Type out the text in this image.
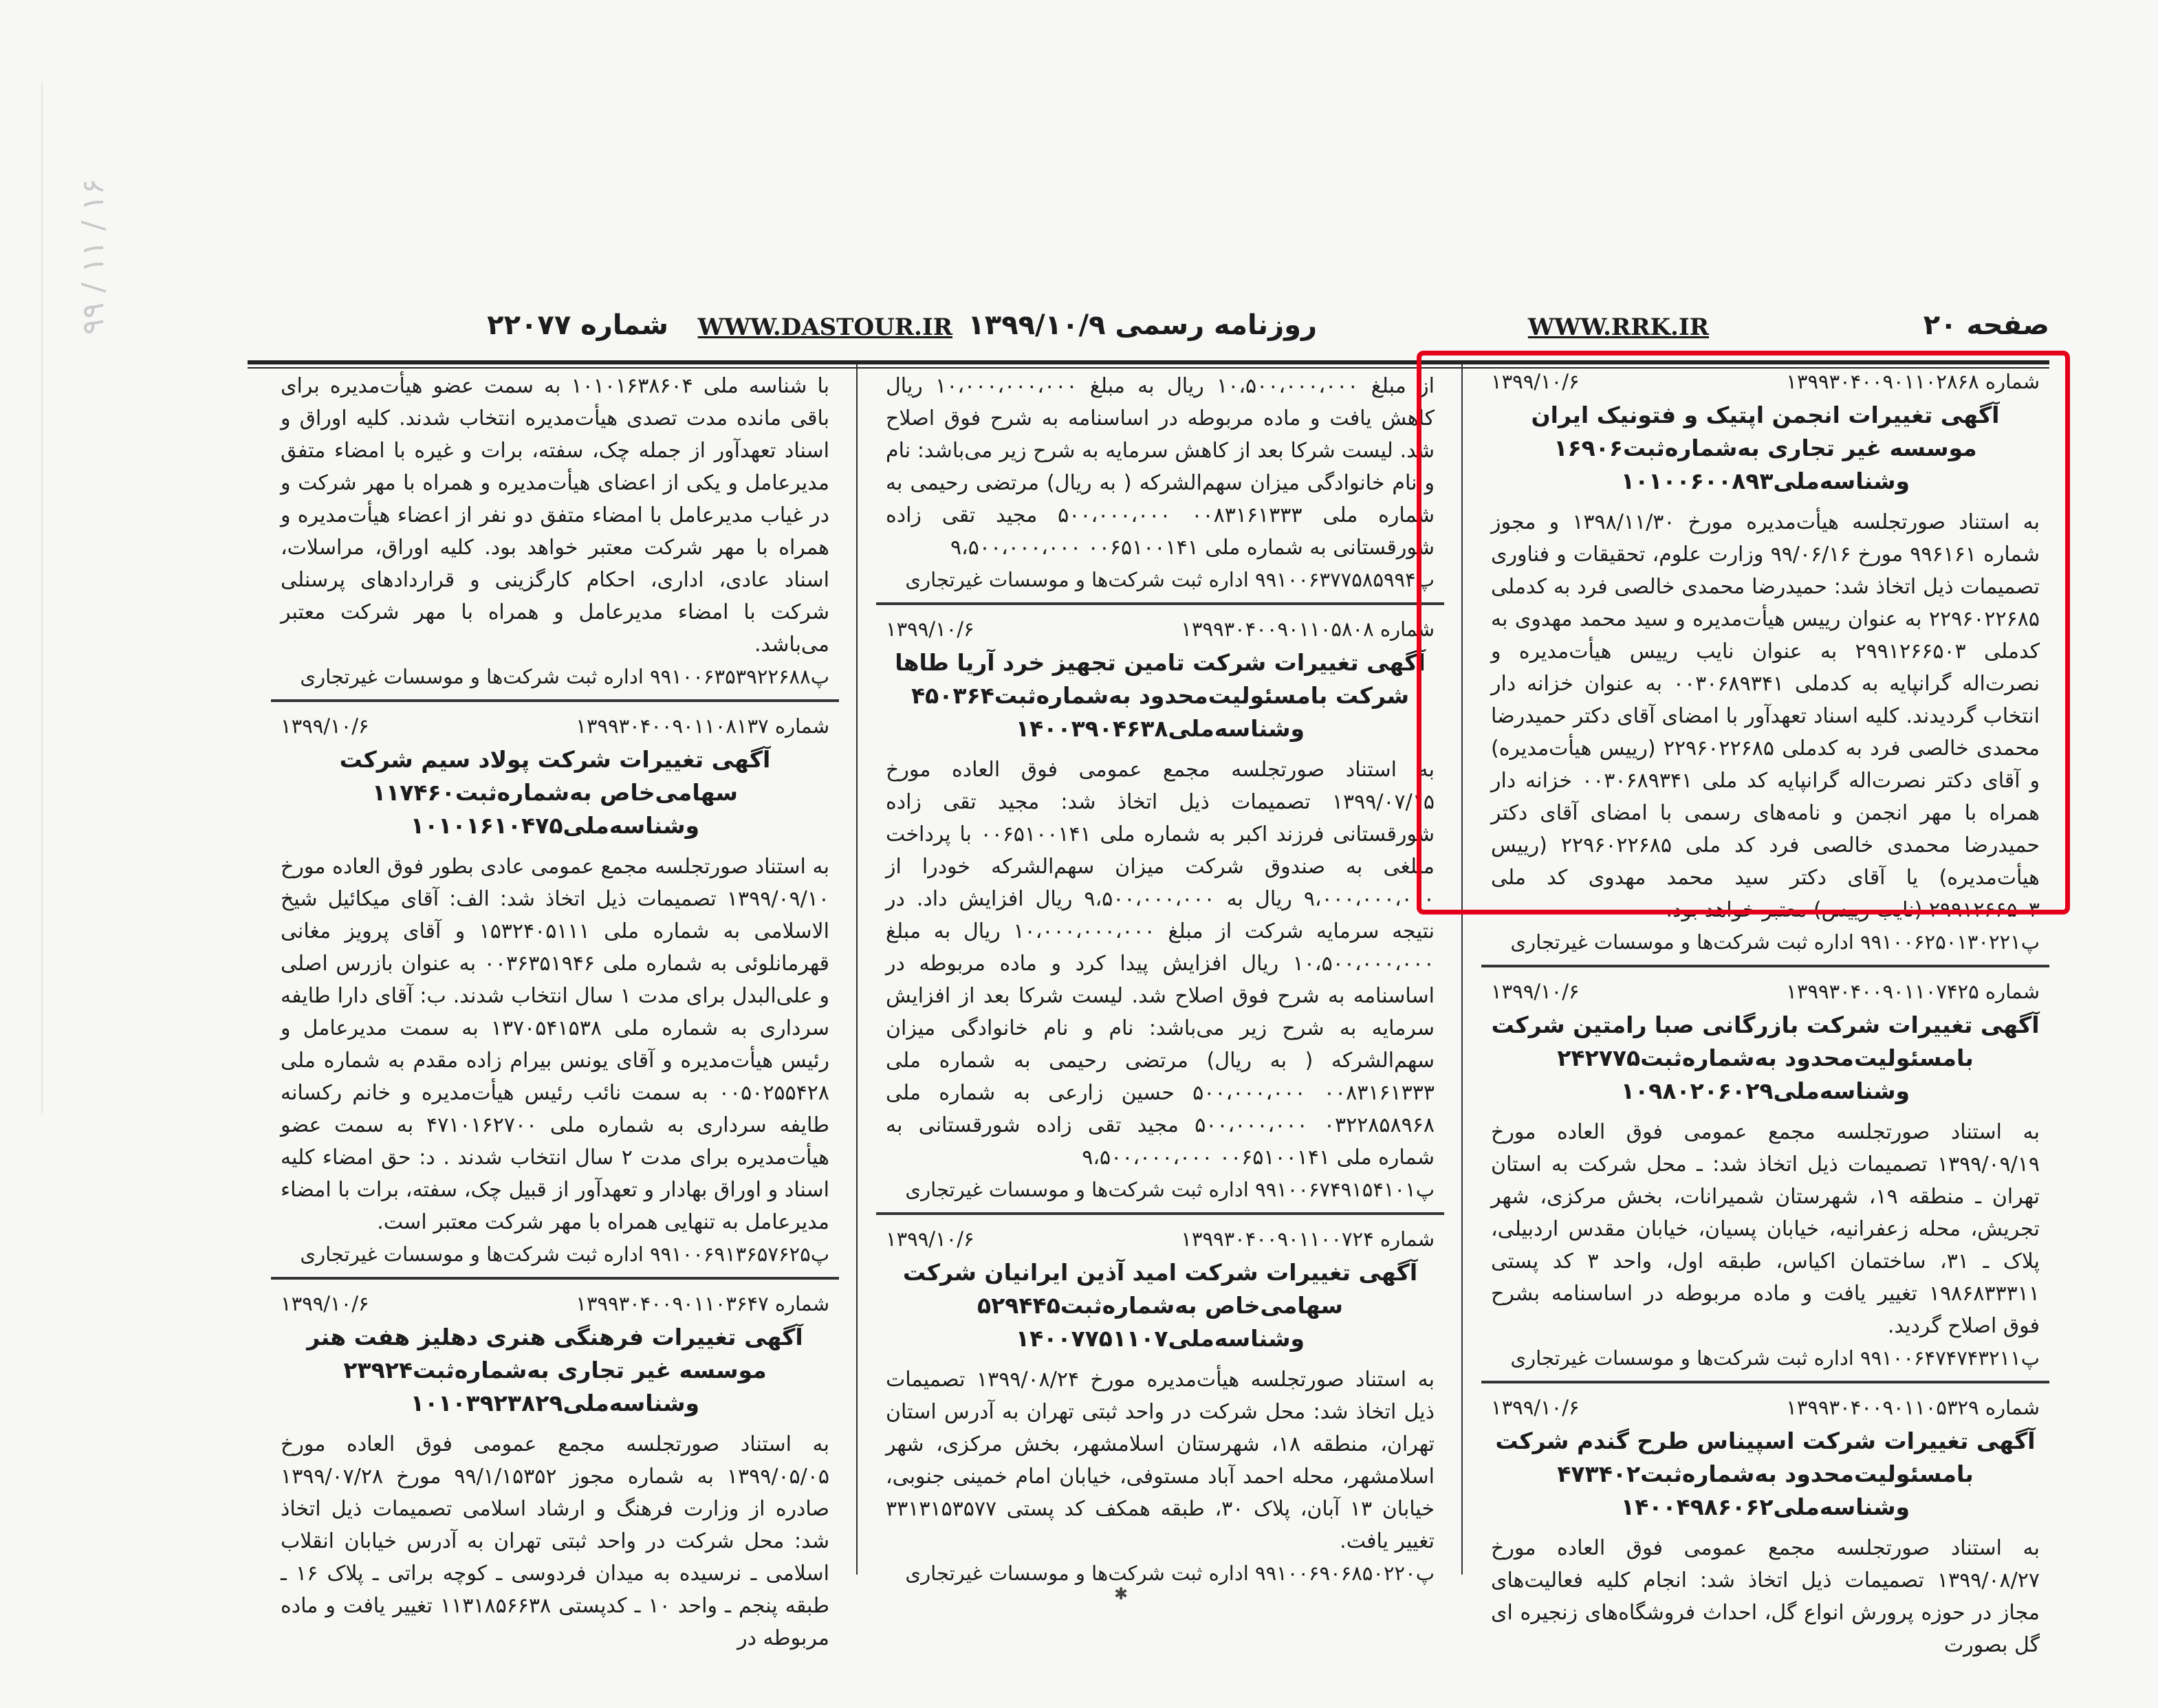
۱۶ / ۱۱ / ۹۹
صفحه ۲۰
WWW.RRK.IR
روزنامه رسمی ۱۳۹۹/۱۰/۹
WWW.DASTOUR.IR
شماره ۲۲۰۷۷
شماره ۱۳۹۹۳۰۴۰۰۹۰۱۱۰۲۸۶۸
۱۳۹۹/۱۰/۶
آگهی تغییرات انجمن اپتیک و فتونیک ایران موسسه غیر تجاری به‌شماره‌ثبت۱۶۹۰۶ وشناسه‌ملی۱۰۱۰۰۶۰۰۸۹۳

به استناد صورتجلسه هیأت‌مدیره مورخ ۱۳۹۸/۱۱/۳۰ و مجوز شماره ۹۹۶۱۶۱ مورخ ۹۹/۰۶/۱۶ وزارت علوم، تحقیقات و فناوری تصمیمات ذیل اتخاذ شد: حمیدرضا محمدی خالصی فرد به کدملی ۲۲۹۶۰۲۲۶۸۵ به عنوان رییس هیأت‌مدیره و سید محمد مهدوی به کدملی ۲۹۹۱۲۶۶۵۰۳ به عنوان نایب رییس هیأت‌مدیره و نصرت‌اله گرانپایه به کدملی ۰۰۳۰۶۸۹۳۴۱ به عنوان خزانه دار انتخاب گردیدند. کلیه اسناد تعهدآور با امضای آقای دکتر حمیدرضا محمدی خالصی فرد به کدملی ۲۲۹۶۰۲۲۶۸۵ (رییس هیأت‌مدیره) و آقای دکتر نصرت‌اله گرانپایه کد ملی ۰۰۳۰۶۸۹۳۴۱ خزانه دار همراه با مهر انجمن و نامه‌های رسمی با امضای آقای دکتر حمیدرضا محمدی خالصی فرد کد ملی ۲۲۹۶۰۲۲۶۸۵ (رییس هیأت‌مدیره) یا آقای دکتر سید محمد مهدوی کد ملی ۲۹۹۱۲۶۶۵۰۳ (نایب رییس) معتبر خواهد بود.

پ۹۹۱۰۰۶۲۵۰۱۳۰۲۲۱ اداره ثبت شرکت‌ها و موسسات غیرتجاری
شماره ۱۳۹۹۳۰۴۰۰۹۰۱۱۰۷۴۲۵
۱۳۹۹/۱۰/۶
آگهی تغییرات شرکت بازرگانی صبا رامتین شرکت بامسئولیت‌محدود به‌شماره‌ثبت۲۴۲۷۷۵ وشناسه‌ملی۱۰۹۸۰۲۰۶۰۲۹

به استناد صورتجلسه مجمع عمومی فوق العاده مورخ ۱۳۹۹/۰۹/۱۹ تصمیمات ذیل اتخاذ شد: ـ محل شرکت به استان تهران ـ منطقه ۱۹، شهرستان شمیرانات، بخش مرکزی، شهر تجریش، محله زعفرانیه، خیابان پسیان، خیابان مقدس اردبیلی، پلاک ـ ۳۱، ساختمان اکیاس، طبقه اول، واحد ۳ کد پستی ۱۹۸۶۸۳۳۳۱۱ تغییر یافت و ماده مربوطه در اساسنامه بشرح فوق اصلاح گردید.

پ۹۹۱۰۰۶۴۷۴۷۴۳۲۱۱ اداره ثبت شرکت‌ها و موسسات غیرتجاری
شماره ۱۳۹۹۳۰۴۰۰۹۰۱۱۰۵۳۲۹
۱۳۹۹/۱۰/۶
آگهی تغییرات شرکت اسپیناس طرح گندم شرکت بامسئولیت‌محدود به‌شماره‌ثبت۴۷۳۴۰۲ وشناسه‌ملی۱۴۰۰۴۹۸۶۰۶۲

به استناد صورتجلسه مجمع عمومی فوق العاده مورخ ۱۳۹۹/۰۸/۲۷ تصمیمات ذیل اتخاذ شد: انجام کلیه فعالیت‌های مجاز در حوزه پرورش انواع گل، احداث فروشگاه‌های زنجیره ای گل بصورت

از مبلغ ۱۰،۵۰۰،۰۰۰،۰۰۰ ریال به مبلغ ۱۰،۰۰۰،۰۰۰،۰۰۰ ریال کاهش یافت و ماده مربوطه در اساسنامه به شرح فوق اصلاح شد. لیست شرکا بعد از کاهش سرمایه به شرح زیر می‌باشد: نام و نام خانوادگی میزان سهم‌الشرکه ( به ریال) مرتضی رحیمی به شماره ملی ۰۰۸۳۱۶۱۳۳۳ ۵۰۰،۰۰۰،۰۰۰ مجید تقی زاده شورقستانی به شماره ملی ۰۰۶۵۱۰۰۱۴۱ ۹،۵۰۰،۰۰۰،۰۰۰

پ۹۹۱۰۰۶۳۷۷۵۸۵۹۹۴ اداره ثبت شرکت‌ها و موسسات غیرتجاری
شماره ۱۳۹۹۳۰۴۰۰۹۰۱۱۰۵۸۰۸
۱۳۹۹/۱۰/۶
آگهی تغییرات شرکت تامین تجهیز خرد آریا طاها شرکت بامسئولیت‌محدود به‌شماره‌ثبت۴۵۰۳۶۴ وشناسه‌ملی۱۴۰۰۳۹۰۴۶۳۸

به استناد صورتجلسه مجمع عمومی فوق العاده مورخ ۱۳۹۹/۰۷/۱۵ تصمیمات ذیل اتخاذ شد: مجید تقی زاده شورقستانی فرزند اکبر به شماره ملی ۰۰۶۵۱۰۰۱۴۱ با پرداخت مبلغی به صندوق شرکت میزان سهم‌الشرکه خودرا از ۹،۰۰۰،۰۰۰،۰۰۰ ریال به ۹،۵۰۰،۰۰۰،۰۰۰ ریال افزایش داد. در نتیجه سرمایه شرکت از مبلغ ۱۰،۰۰۰،۰۰۰،۰۰۰ ریال به مبلغ ۱۰،۵۰۰،۰۰۰،۰۰۰ ریال افزایش پیدا کرد و ماده مربوطه در اساسنامه به شرح فوق اصلاح شد. لیست شرکا بعد از افزایش سرمایه به شرح زیر می‌باشد: نام و نام خانوادگی میزان سهم‌الشرکه ( به ریال) مرتضی رحیمی به شماره ملی ۰۰۸۳۱۶۱۳۳۳ ۵۰۰،۰۰۰،۰۰۰ حسین زارعی به شماره ملی ۰۳۲۲۸۵۸۹۶۸ ۵۰۰،۰۰۰،۰۰۰ مجید تقی زاده شورقستانی به شماره ملی ۰۰۶۵۱۰۰۱۴۱ ۹،۵۰۰،۰۰۰،۰۰۰

پ۹۹۱۰۰۶۷۴۹۱۵۴۱۰۱ اداره ثبت شرکت‌ها و موسسات غیرتجاری
شماره ۱۳۹۹۳۰۴۰۰۹۰۱۱۰۰۷۲۴
۱۳۹۹/۱۰/۶
آگهی تغییرات شرکت امید آذین ایرانیان شرکت سهامی‌خاص به‌شماره‌ثبت۵۲۹۴۴۵ وشناسه‌ملی۱۴۰۰۷۷۵۱۱۰۷

به استناد صورتجلسه هیأت‌مدیره مورخ ۱۳۹۹/۰۸/۲۴ تصمیمات ذیل اتخاذ شد: محل شرکت در واحد ثبتی تهران به آدرس استان تهران، منطقه ۱۸، شهرستان اسلامشهر، بخش مرکزی، شهر اسلامشهر، محله احمد آباد مستوفی، خیابان امام خمینی جنوبی، خیابان ۱۳ آبان، پلاک ۳۰، طبقه همکف کد پستی ۳۳۱۳۱۵۳۵۷۷ تغییر یافت.

پ۹۹۱۰۰۶۹۰۶۸۵۰۲۲۰ اداره ثبت شرکت‌ها و موسسات غیرتجاری

با شناسه ملی ۱۰۱۰۱۶۳۸۶۰۴ به سمت عضو هیأت‌مدیره برای باقی مانده مدت تصدی هیأت‌مدیره انتخاب شدند. کلیه اوراق و اسناد تعهدآور از جمله چک، سفته، برات و غیره با امضاء متفق مدیرعامل و یکی از اعضای هیأت‌مدیره و همراه با مهر شرکت و در غیاب مدیرعامل با امضاء متفق دو نفر از اعضاء هیأت‌مدیره و همراه با مهر شرکت معتبر خواهد بود. کلیه اوراق، مراسلات، اسناد عادی، اداری، احکام کارگزینی و قراردادهای پرسنلی شرکت با امضاء مدیرعامل و همراه با مهر شرکت معتبر می‌باشد.

پ۹۹۱۰۰۶۳۵۳۹۲۲۶۸۸ اداره ثبت شرکت‌ها و موسسات غیرتجاری
شماره ۱۳۹۹۳۰۴۰۰۹۰۱۱۰۸۱۳۷
۱۳۹۹/۱۰/۶
آگهی تغییرات شرکت پولاد سیم شرکت سهامی‌خاص به‌شماره‌ثبت۱۱۷۴۶۰ وشناسه‌ملی۱۰۱۰۱۶۱۰۴۷۵

به استناد صورتجلسه مجمع عمومی عادی بطور فوق العاده مورخ ۱۳۹۹/۰۹/۱۰ تصمیمات ذیل اتخاذ شد: الف: آقای میکائیل شیخ الاسلامی به شماره ملی ۱۵۳۲۴۰۵۱۱۱ و آقای پرویز مغانی قهرمانلوئی به شماره ملی ۰۰۳۶۳۵۱۹۴۶ به عنوان بازرس اصلی و علی‌البدل برای مدت ۱ سال انتخاب شدند. ب: آقای دارا طایفه سرداری به شماره ملی ۱۳۷۰۵۴۱۵۳۸ به سمت مدیرعامل و رئیس هیأت‌مدیره و آقای یونس بیرام زاده مقدم به شماره ملی ۰۰۵۰۲۵۵۴۲۸ به سمت نائب رئیس هیأت‌مدیره و خانم رکسانه طایفه سرداری به شماره ملی ۴۷۱۰۱۶۲۷۰۰ به سمت عضو هیأت‌مدیره برای مدت ۲ سال انتخاب شدند . د: حق امضاء کلیه اسناد و اوراق بهادار و تعهدآور از قبیل چک، سفته، برات با امضاء مدیرعامل به تنهایی همراه با مهر شرکت معتبر است.

پ۹۹۱۰۰۶۹۱۳۶۵۷۶۲۵ اداره ثبت شرکت‌ها و موسسات غیرتجاری
شماره ۱۳۹۹۳۰۴۰۰۹۰۱۱۰۳۶۴۷
۱۳۹۹/۱۰/۶
آگهی تغییرات فرهنگی هنری دهلیز هفت هنر موسسه غیر تجاری به‌شماره‌ثبت۲۳۹۲۴ وشناسه‌ملی۱۰۱۰۳۹۲۳۸۲۹

به استناد صورتجلسه مجمع عمومی فوق العاده مورخ ۱۳۹۹/۰۵/۰۵ به شماره مجوز ۹۹/۱/۱۵۳۵۲ مورخ ۱۳۹۹/۰۷/۲۸ صادره از وزارت فرهنگ و ارشاد اسلامی تصمیمات ذیل اتخاذ شد: محل شرکت در واحد ثبتی تهران به آدرس خیابان انقلاب اسلامی ـ نرسیده به میدان فردوسی ـ کوچه براتی ـ پلاک ۱۶ ـ طبقه پنجم ـ واحد ۱۰ ـ کدپستی ۱۱۳۱۸۵۶۶۳۸ تغییر یافت و ماده مربوطه در

✱
